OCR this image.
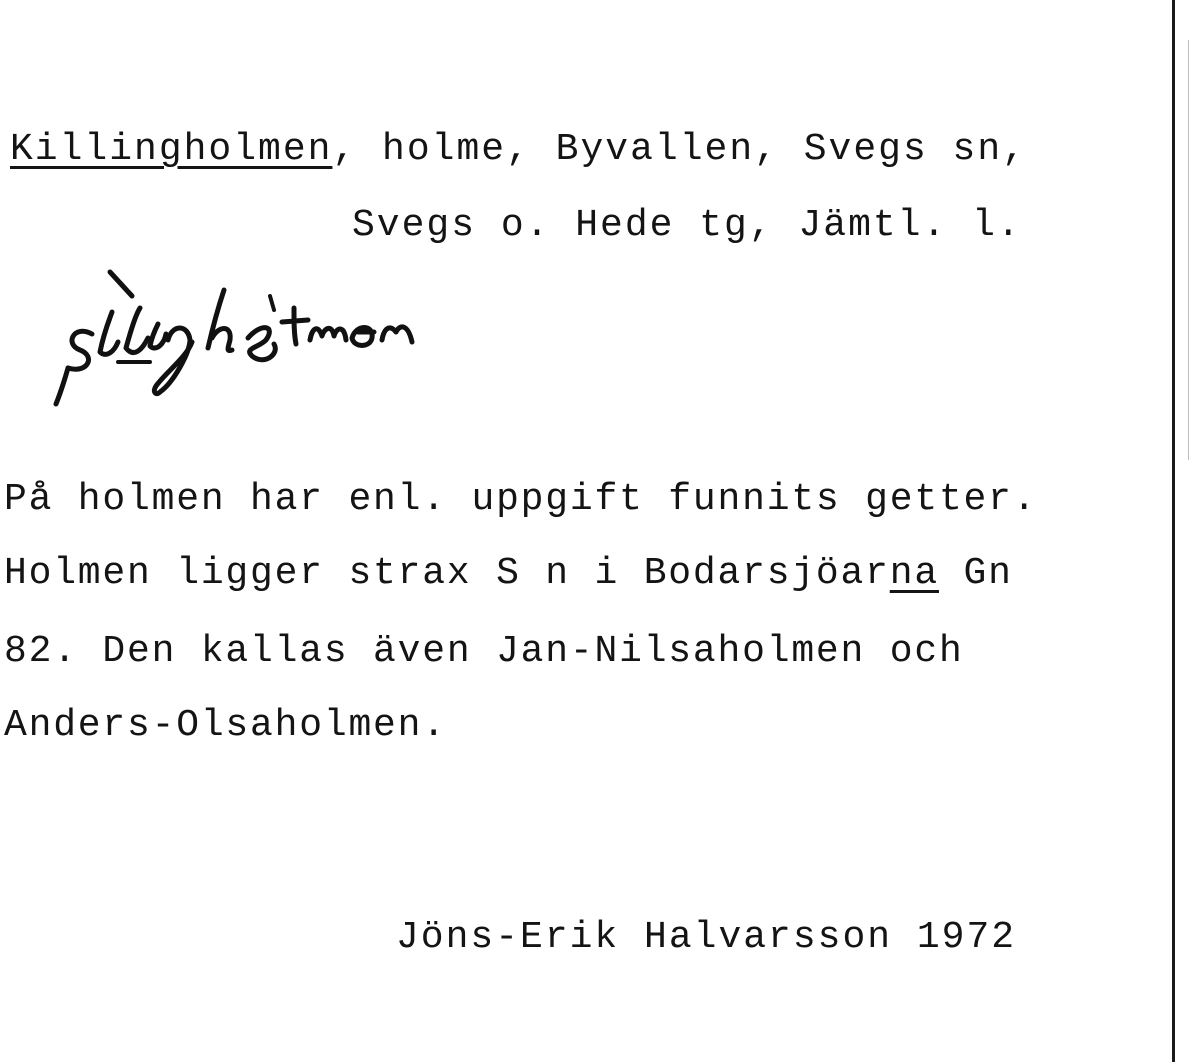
Killingholmen, holme, Byvallen, Svegs sn,

Svegs o. Hede tg, Jämtl. l.

På holmen har enl. uppgift funnits getter.

Holmen ligger strax S n i Bodarsjöarna Gn

82. Den kallas även Jan-Nilsaholmen och

Anders-Olsaholmen.

Jöns-Erik Halvarsson 1972
